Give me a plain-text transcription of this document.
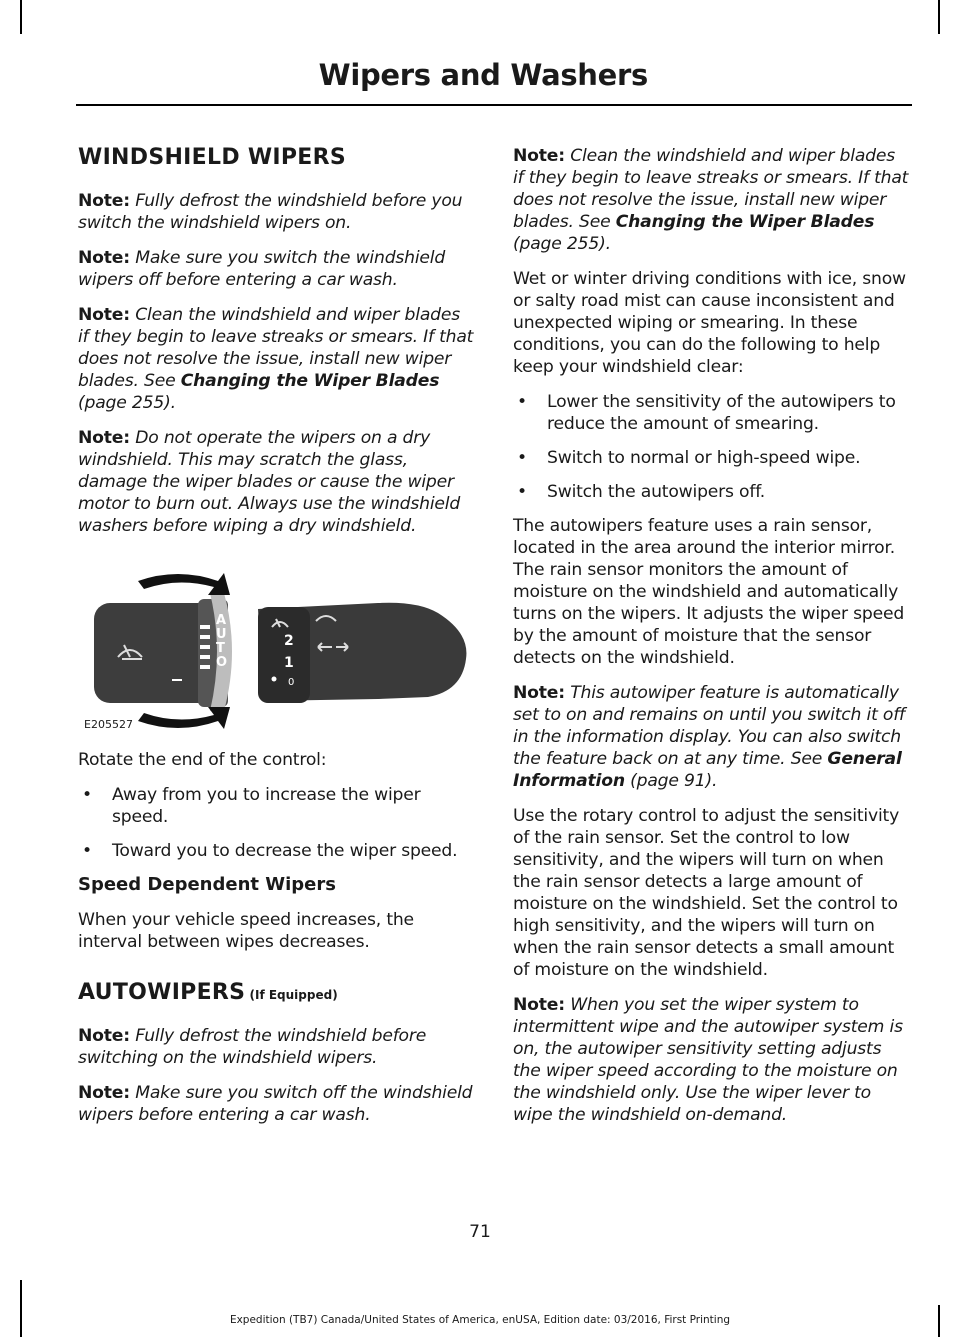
Wipers and Washers
WINDSHIELD WIPERS

Note: Fully defrost the windshield before you switch the windshield wipers on.

Note: Make sure you switch the windshield wipers off before entering a car wash.

Note: Clean the windshield and wiper blades if they begin to leave streaks or smears. If that does not resolve the issue, install new wiper blades. See Changing the Wiper Blades (page 255).

Note: Do not operate the wipers on a dry windshield. This may scratch the glass, damage the wiper blades or cause the wiper motor to burn out. Always use the windshield washers before wiping a dry windshield.

A
U
T
O
2
1
0
E205527

Rotate the end of the control:

• Away from you to increase the wiper speed.
• Toward you to decrease the wiper speed.
Speed Dependent Wipers

When your vehicle speed increases, the interval between wipes decreases.

AUTOWIPERS (If Equipped)

Note: Fully defrost the windshield before switching on the windshield wipers.

Note: Make sure you switch off the windshield wipers before entering a car wash.

Note: Clean the windshield and wiper blades if they begin to leave streaks or smears. If that does not resolve the issue, install new wiper blades. See Changing the Wiper Blades (page 255).

Wet or winter driving conditions with ice, snow or salty road mist can cause inconsistent and unexpected wiping or smearing. In these conditions, you can do the following to help keep your windshield clear:

• Lower the sensitivity of the autowipers to reduce the amount of smearing.
• Switch to normal or high-speed wipe.
• Switch the autowipers off.

The autowipers feature uses a rain sensor, located in the area around the interior mirror. The rain sensor monitors the amount of moisture on the windshield and automatically turns on the wipers. It adjusts the wiper speed by the amount of moisture that the sensor detects on the windshield.

Note: This autowiper feature is automatically set to on and remains on until you switch it off in the information display. You can also switch the feature back on at any time. See General Information (page 91).

Use the rotary control to adjust the sensitivity of the rain sensor. Set the control to low sensitivity, and the wipers will turn on when the rain sensor detects a large amount of moisture on the windshield. Set the control to high sensitivity, and the wipers will turn on when the rain sensor detects a small amount of moisture on the windshield.

Note: When you set the wiper system to intermittent wipe and the autowiper system is on, the autowiper sensitivity setting adjusts the wiper speed according to the moisture on the windshield only. Use the wiper lever to wipe the windshield on-demand.

71
Expedition (TB7) Canada/United States of America, enUSA, Edition date: 03/2016, First Printing
